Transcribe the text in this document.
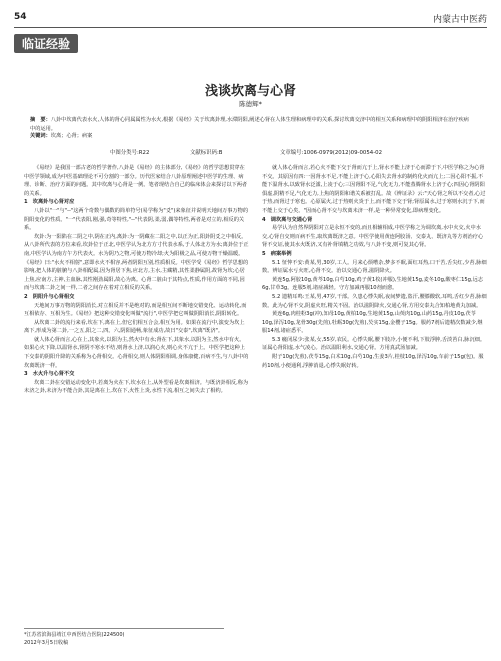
54	内蒙古中医药
临证经验
浅谈坎离与心肾
陈德辉*
摘　要：八卦中坎离代表水火,人体的肾心同属属性为水火,根据《易经》关于坎离卦理,水滞阴阳,阐述心肾在人体生理和病理中的关系,探讨坎离交济中的相互关系和病理中的阴阳相济在治疗疾病中的运用。
关键词：坎离；心肾；病案
中图分类号:R22	文献标识码:B	文章编号:1006-0979(2012)09-0054-02

《易经》是我国一部古老的哲学著作,八卦是《易经》的主体部分,《易经》的哲学思想贯穿在中医学领域,成为中医基础理论不可分割的一部分。历代医家结合八卦原理阐述中医学的生理、病理、诊断、治疗方面的问题。其中坎离与心肾是一例。笔者现结合自己的临床体会来探讨以下两者的关系。

1　坎离卦与心肾对应

八卦以"一"与"--"这两个奇数与偶数的简单符号(易学称为"爻")来象征并说明天地间万事万物的阴阳变化的性质。"一"代表阳,刚,强,奇等特性,"--"代表阴,柔,弱,偶等特性,两者是对立的,相反的关系。

坎卦:为一阳陷在二阴之中,阴在正内,离卦:为一阴藏在二阳之中,以正为正,阳卦阴爻之中相反。从八卦所代表的方位来看,坎卦位于正北,中医学认为北方方寸代表水系,于人体北方为水;离卦位于正南,中医学认为南方午方代表火。水为阴乃之物,可使万物冷却;火为阳极之品,可使万物干燥温暖。《易经》曰:"水火不相射",意即水火不相容,两者阴阳互别,性质相反。中医学受《易经》哲学思想的影响,把人体的脏腑与八卦相配属,因为肾居下焦,应北方,主水,主藏精,其性柔静属阴,故肾为坎;心居上焦,应南方,主神,主血脉,其性刚劲属阳,故心为离。心肾二脏由于其特点,性质,作用方面的不同,因而与坎离二卦之间一样,二者之间存在着对立相反的关系。

2　阴阳升与心肾相交

天地间万事万物的阴阳消长,对立相反并不是绝对的,而是相互间不断地交错变化、运动转化,而互相依存、互相为生。《易经》把这种交错变化叫做"流行",中医学把它叫做阴阳消长,阴阳转化。

从坎离二卦的流行来看,坎在下,离在上,但它们相互合会,相互为用。如果在流行中,演变为坎上离下,形成为第二卦,一之五,阳之二,四。六,阴阳通畅,象征成功,故曰"交泰",坎离"既济"。

就人体心肾而言,心在上,其象火,以阳为主,然火中有水;肾在下,其象水,以阴为主,然水中有火。如果心火下降,以温肾水,肾阴不寒水不结,则肾水上济,以润心火,则心火不亢于上。中医学把这种上下交泰的阴阳升降的关系称为心肾相交。心肾相交,则人体阴阳相调,身体康健,百病不生,与八卦中的坎离既济一样。

3　水火升与心肾不交

坎离二卦在交错运动变化中,若离为火在下,坎水在上,从外型看是坎离相济。与既济卦相反,称为未济之卦,未济为不能合卦,其是离在上,坎在下,火性上炎,水性下流,相互之间失去了相约。

就人体心肾而言,若心火不能下交于肾而亢于上,肾水不能上济于心而滞于下,中医学称之为心肾不交。其原因有四:一因肾水不足,不能上济于心,心阳失去肾水的制约化火而亢上;二因心阳不振,不能下温肾水,以致肾水泛滥,上凌于心;三因肾阳不足,气化无力,不能蒸腾肾水上济于心;四因心肾阴阳俱虚,阴精不足,气化无力,上焦的阴阳和谐关系被打乱。故《辨证录》云:"天心肾之所以不交者,心过于热,而肾过于寒也。心原属火,过于热则火炎于上,而不能下交于肾;肾原属水,过于寒则水沉于下,而不能上交于心矣。"因而心肾不交与坎离未济一样,是一种异常变化,即病理变化。

4　调坎离与交通心肾

易学认为自然界阴阳对立是永恒不变的,而且相辅相成,中医学称之为调坎离,水中火交,火中水交,心肾自交则百病不生,取坎离既济之意。中医学使用黄连阿胶汤、交泰丸、既济丸等方剂治疗心肾不交证,使其水火既济,又有补肾填精之功效,与八卦不变,则可复其心肾。

5　病案举例

5.1 怔忡不安:黄某,男,30岁,工人。月来心烦嘈杂,梦多不眠,面红耳热,口干苦,舌尖红,少苔,脉细数。辨证属水亏火旺,心肾不交。治以交通心肾,滋阴降火。

黄连5g,阿胶10g,黄芩10g,白芍10g,鸡子黄1枚(冲服),生地黄15g,麦冬10g,酸枣仁15g,远志6g,甘草3g。连服5剂,诸症减轻。守方加减再服10剂而愈。

5.2 遗精耳鸣:王某,男,47岁,干部。久患心悸失眠,夜间梦遗,盗汗,腰膝酸软,耳鸣,舌红少苔,脉细数。此为心肾不交,阴虚火旺,精关不固。治以滋阴降火,交通心肾,方用交泰丸合知柏地黄丸加减。

黄连6g,肉桂粉3g(冲),知母10g,黄柏10g,生地黄15g,山萸肉10g,山药15g,丹皮10g,茯苓10g,泽泻10g,龙骨30g(先煎),牡蛎30g(先煎),芡实15g,金樱子15g。服药7剂后遗精次数减少,继服14剂,诸症悉平。

5.3 癃闭尿少:张某,女,55岁,农民。心悸失眠,腰下肢冷,小便不利,下肢浮肿,舌淡苔白,脉沉细。证属心肾阳虚,水气凌心。治以温阳利水,交通心肾。方用真武汤加减。

附子10g(先煎),茯苓15g,白术10g,白芍10g,生姜3片,桂枝10g,泽泻10g,车前子15g(包)。服药10剂,小便通利,浮肿消退,心悸失眠好转。

*江苏省滨海县靖江中西医结合医院(224500)
2012年3月5日收稿
